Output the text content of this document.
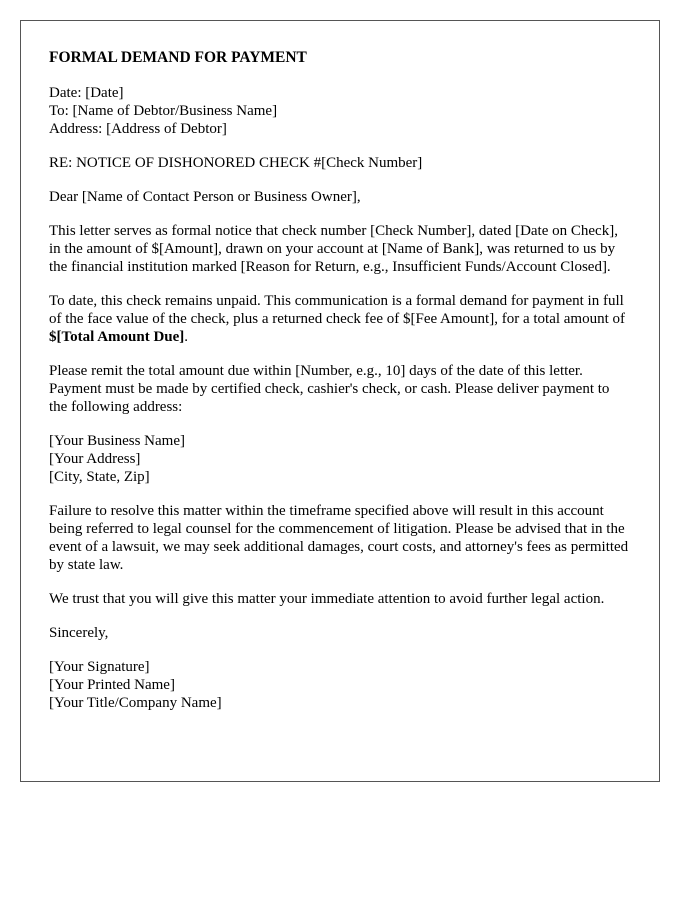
FORMAL DEMAND FOR PAYMENT
Date: [Date]
To: [Name of Debtor/Business Name]
Address: [Address of Debtor]

RE: NOTICE OF DISHONORED CHECK #[Check Number]

Dear [Name of Contact Person or Business Owner],

This letter serves as formal notice that check number [Check Number], dated [Date on Check], in the amount of $[Amount], drawn on your account at [Name of Bank], was returned to us by the financial institution marked [Reason for Return, e.g., Insufficient Funds/Account Closed].

To date, this check remains unpaid. This communication is a formal demand for payment in full of the face value of the check, plus a returned check fee of $[Fee Amount], for a total amount of $[Total Amount Due].

Please remit the total amount due within [Number, e.g., 10] days of the date of this letter. Payment must be made by certified check, cashier's check, or cash. Please deliver payment to the following address:

[Your Business Name]
[Your Address]
[City, State, Zip]

Failure to resolve this matter within the timeframe specified above will result in this account being referred to legal counsel for the commencement of litigation. Please be advised that in the event of a lawsuit, we may seek additional damages, court costs, and attorney's fees as permitted by state law.

We trust that you will give this matter your immediate attention to avoid further legal action.

Sincerely,

[Your Signature]
[Your Printed Name]
[Your Title/Company Name]
